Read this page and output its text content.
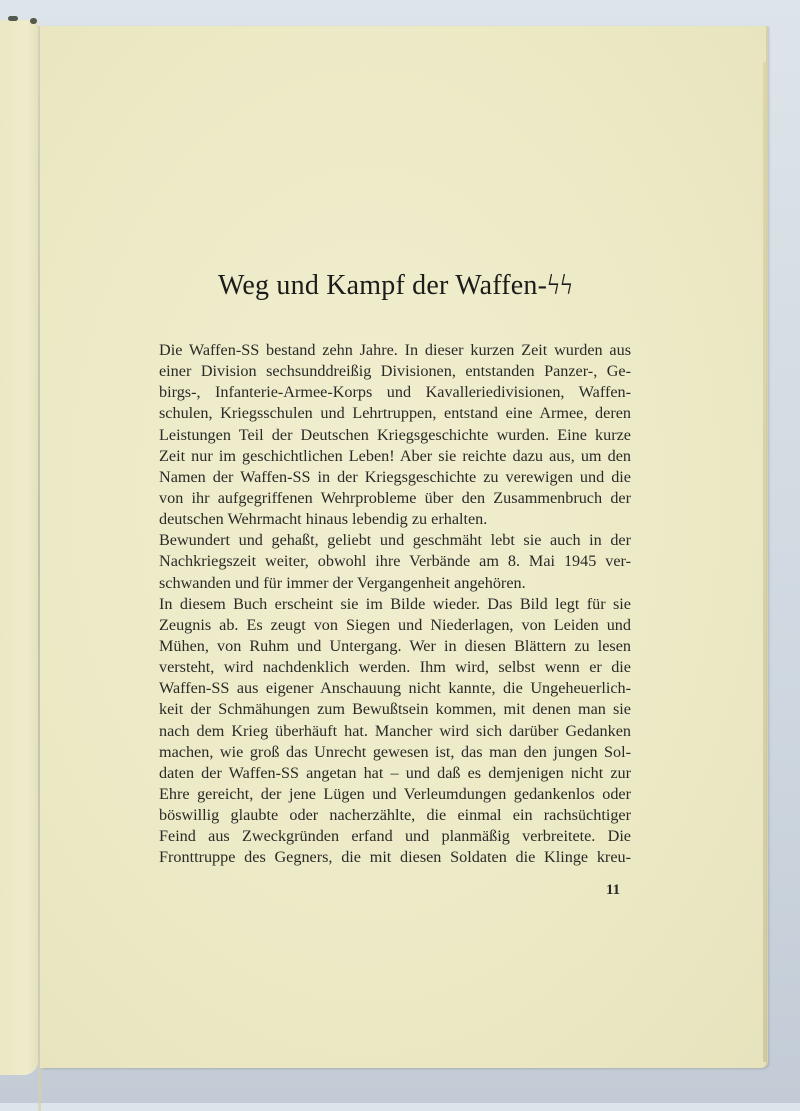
Weg und Kampf der Waffen-ϟϟ
Die Waffen-SS bestand zehn Jahre. In dieser kurzen Zeit wurden aus
einer Division sechsunddreißig Divisionen, entstanden Panzer-, Ge-
birgs-, Infanterie-Armee-Korps und Kavalleriedivisionen, Waffen-
schulen, Kriegsschulen und Lehrtruppen, entstand eine Armee, deren
Leistungen Teil der Deutschen Kriegsgeschichte wurden. Eine kurze
Zeit nur im geschichtlichen Leben! Aber sie reichte dazu aus, um den
Namen der Waffen-SS in der Kriegsgeschichte zu verewigen und die
von ihr aufgegriffenen Wehrprobleme über den Zusammenbruch der
deutschen Wehrmacht hinaus lebendig zu erhalten.
Bewundert und gehaßt, geliebt und geschmäht lebt sie auch in der
Nachkriegszeit weiter, obwohl ihre Verbände am 8. Mai 1945 ver-
schwanden und für immer der Vergangenheit angehören.
In diesem Buch erscheint sie im Bilde wieder. Das Bild legt für sie
Zeugnis ab. Es zeugt von Siegen und Niederlagen, von Leiden und
Mühen, von Ruhm und Untergang. Wer in diesen Blättern zu lesen
versteht, wird nachdenklich werden. Ihm wird, selbst wenn er die
Waffen-SS aus eigener Anschauung nicht kannte, die Ungeheuerlich-
keit der Schmähungen zum Bewußtsein kommen, mit denen man sie
nach dem Krieg überhäuft hat. Mancher wird sich darüber Gedanken
machen, wie groß das Unrecht gewesen ist, das man den jungen Sol-
daten der Waffen-SS angetan hat – und daß es demjenigen nicht zur
Ehre gereicht, der jene Lügen und Verleumdungen gedankenlos oder
böswillig glaubte oder nacherzählte, die einmal ein rachsüchtiger
Feind aus Zweckgründen erfand und planmäßig verbreitete. Die
Fronttruppe des Gegners, die mit diesen Soldaten die Klinge kreu-
11
